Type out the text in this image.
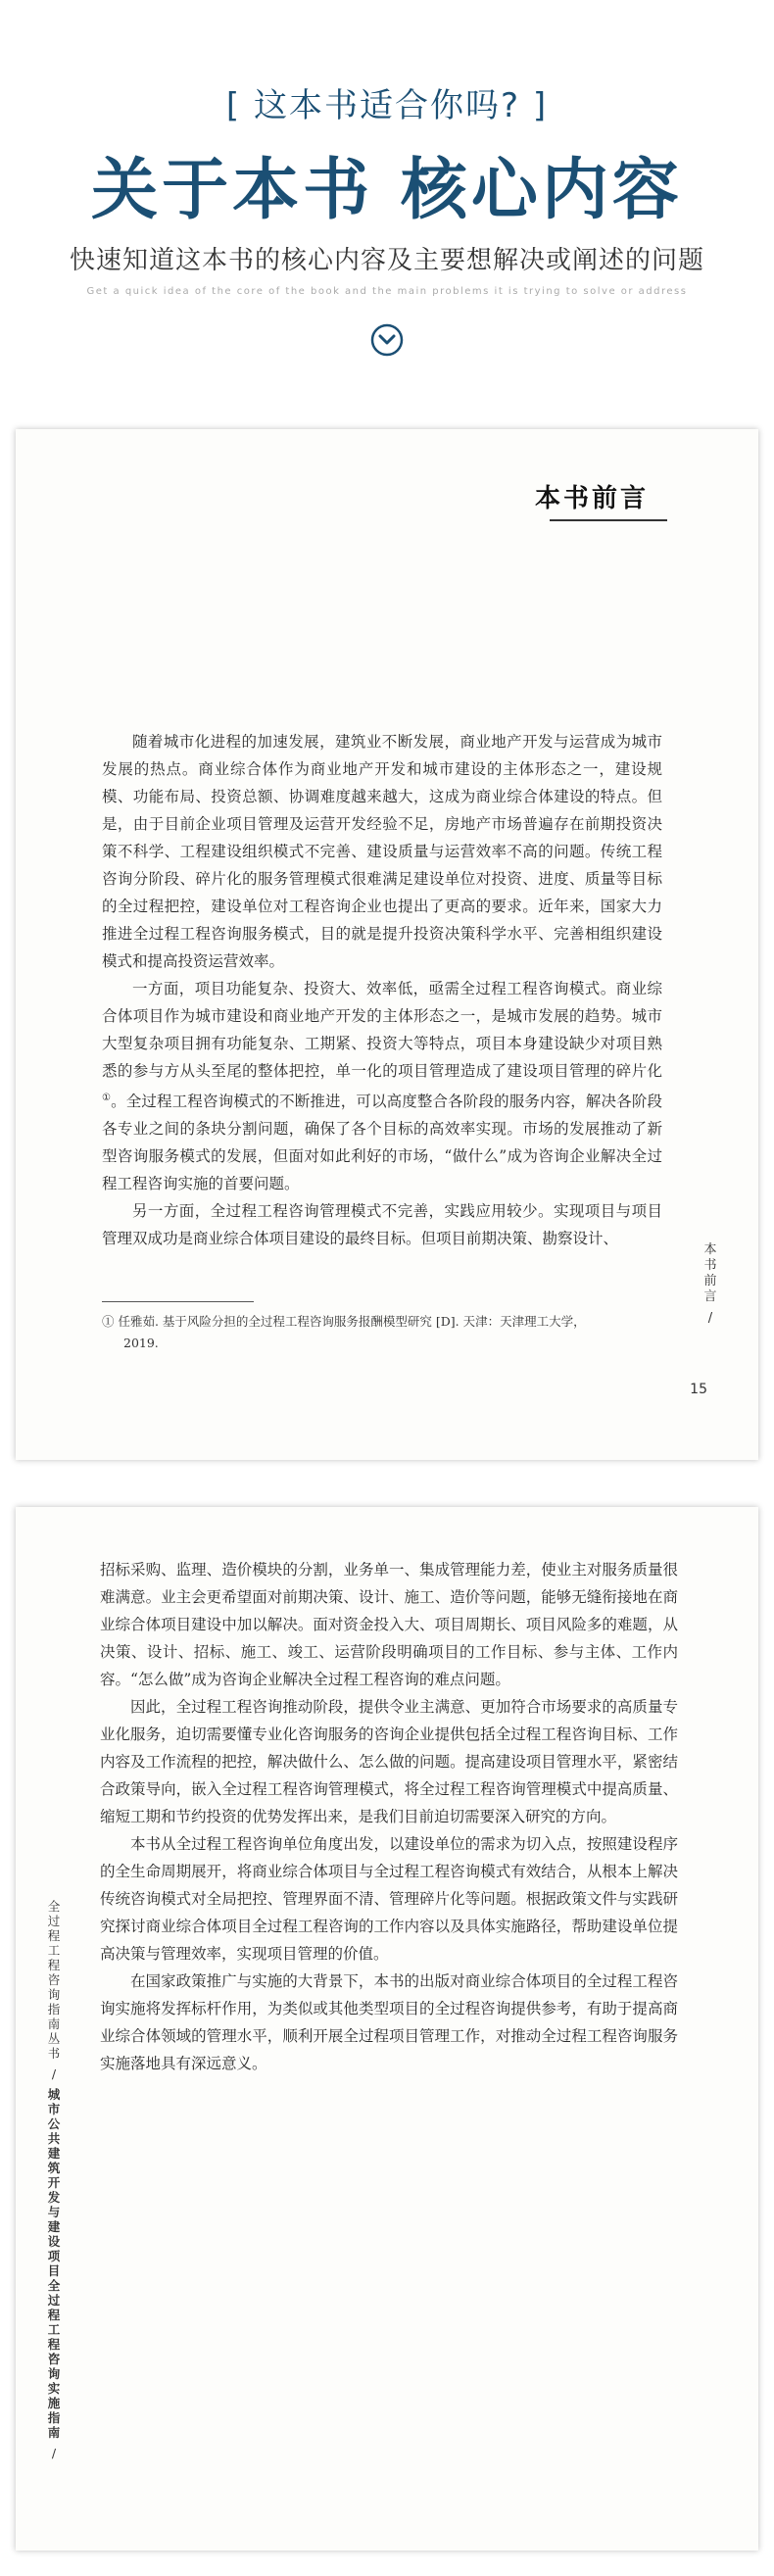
[ 这本书适合你吗? ]
关于本书 核心内容
快速知道这本书的核心内容及主要想解决或阐述的问题
Get a quick idea of the core of the book and the main problems it is trying to solve or address
本书前言

随着城市化进程的加速发展，建筑业不断发展，商业地产开发与运营成为城市发展的热点。商业综合体作为商业地产开发和城市建设的主体形态之一，建设规模、功能布局、投资总额、协调难度越来越大，这成为商业综合体建设的特点。但是，由于目前企业项目管理及运营开发经验不足，房地产市场普遍存在前期投资决策不科学、工程建设组织模式不完善、建设质量与运营效率不高的问题。传统工程咨询分阶段、碎片化的服务管理模式很难满足建设单位对投资、进度、质量等目标的全过程把控，建设单位对工程咨询企业也提出了更高的要求。近年来，国家大力推进全过程工程咨询服务模式，目的就是提升投资决策科学水平、完善相组织建设模式和提高投资运营效率。

一方面，项目功能复杂、投资大、效率低，亟需全过程工程咨询模式。商业综合体项目作为城市建设和商业地产开发的主体形态之一，是城市发展的趋势。城市大型复杂项目拥有功能复杂、工期紧、投资大等特点，项目本身建设缺少对项目熟悉的参与方从头至尾的整体把控，单一化的项目管理造成了建设项目管理的碎片化①。全过程工程咨询模式的不断推进，可以高度整合各阶段的服务内容，解决各阶段各专业之间的条块分割问题，确保了各个目标的高效率实现。市场的发展推动了新型咨询服务模式的发展，但面对如此利好的市场，“做什么”成为咨询企业解决全过程工程咨询实施的首要问题。

另一方面，全过程工程咨询管理模式不完善，实践应用较少。实现项目与项目管理双成功是商业综合体项目建设的最终目标。但项目前期决策、勘察设计、

① 任雅茹. 基于风险分担的全过程工程咨询服务报酬模型研究 [D]. 天津：天津理工大学，
2019.
本书前言
/
15

招标采购、监理、造价模块的分割，业务单一、集成管理能力差，使业主对服务质量很难满意。业主会更希望面对前期决策、设计、施工、造价等问题，能够无缝衔接地在商业综合体项目建设中加以解决。面对资金投入大、项目周期长、项目风险多的难题，从决策、设计、招标、施工、竣工、运营阶段明确项目的工作目标、参与主体、工作内容。“怎么做”成为咨询企业解决全过程工程咨询的难点问题。

因此，全过程工程咨询推动阶段，提供令业主满意、更加符合市场要求的高质量专业化服务，迫切需要懂专业化咨询服务的咨询企业提供包括全过程工程咨询目标、工作内容及工作流程的把控，解决做什么、怎么做的问题。提高建设项目管理水平，紧密结合政策导向，嵌入全过程工程咨询管理模式，将全过程工程咨询管理模式中提高质量、缩短工期和节约投资的优势发挥出来，是我们目前迫切需要深入研究的方向。

本书从全过程工程咨询单位角度出发，以建设单位的需求为切入点，按照建设程序的全生命周期展开，将商业综合体项目与全过程工程咨询模式有效结合，从根本上解决传统咨询模式对全局把控、管理界面不清、管理碎片化等问题。根据政策文件与实践研究探讨商业综合体项目全过程工程咨询的工作内容以及具体实施路径，帮助建设单位提高决策与管理效率，实现项目管理的价值。

在国家政策推广与实施的大背景下，本书的出版对商业综合体项目的全过程工程咨询实施将发挥标杆作用，为类似或其他类型项目的全过程咨询提供参考，有助于提高商业综合体领域的管理水平，顺利开展全过程项目管理工作，对推动全过程工程咨询服务实施落地具有深远意义。

全过程工程咨询指南丛书
/
城市公共建筑开发与建设项目全过程工程咨询实施指南
/
